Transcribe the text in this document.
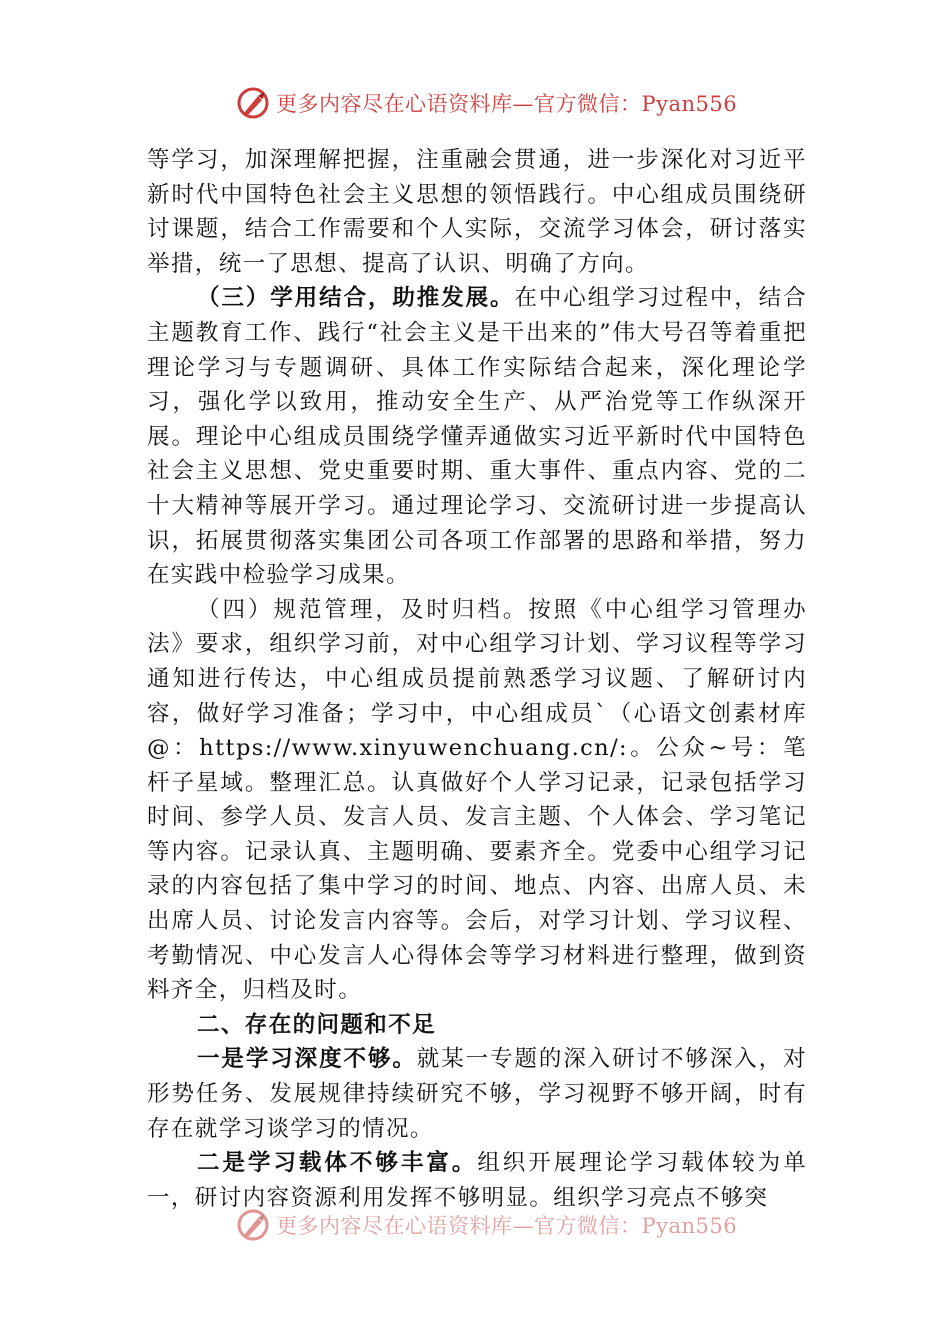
更多内容尽在心语资料库—官方微信：Pyan556

等学习，加深理解把握，注重融会贯通，进一步深化对习近平新时代中国特色社会主义思想的领悟践行。中心组成员围绕研讨课题，结合工作需要和个人实际，交流学习体会，研讨落实举措，统一了思想、提高了认识、明确了方向。

（三）学用结合，助推发展。在中心组学习过程中，结合主题教育工作、践行“社会主义是干出来的”伟大号召等着重把理论学习与专题调研、具体工作实际结合起来，深化理论学习，强化学以致用，推动安全生产、从严治党等工作纵深开展。理论中心组成员围绕学懂弄通做实习近平新时代中国特色社会主义思想、党史重要时期、重大事件、重点内容、党的二十大精神等展开学习。通过理论学习、交流研讨进一步提高认识，拓展贯彻落实集团公司各项工作部署的思路和举措，努力在实践中检验学习成果。

（四）规范管理，及时归档。按照《中心组学习管理办法》要求，组织学习前，对中心组学习计划、学习议程等学习通知进行传达，中心组成员提前熟悉学习议题、了解研讨内容，做好学习准备；学习中，中心组成员`（心语文创素材库@：https://www.xinyuwenchuang.cn/:。公众~号：笔杆子星域。整理汇总。认真做好个人学习记录，记录包括学习时间、参学人员、发言人员、发言主题、个人体会、学习笔记等内容。记录认真、主题明确、要素齐全。党委中心组学习记录的内容包括了集中学习的时间、地点、内容、出席人员、未出席人员、讨论发言内容等。会后，对学习计划、学习议程、考勤情况、中心发言人心得体会等学习材料进行整理，做到资料齐全，归档及时。

二、存在的问题和不足

一是学习深度不够。就某一专题的深入研讨不够深入，对形势任务、发展规律持续研究不够，学习视野不够开阔，时有存在就学习谈学习的情况。

二是学习载体不够丰富。组织开展理论学习载体较为单一，研讨内容资源利用发挥不够明显。组织学习亮点不够突

更多内容尽在心语资料库—官方微信：Pyan556
